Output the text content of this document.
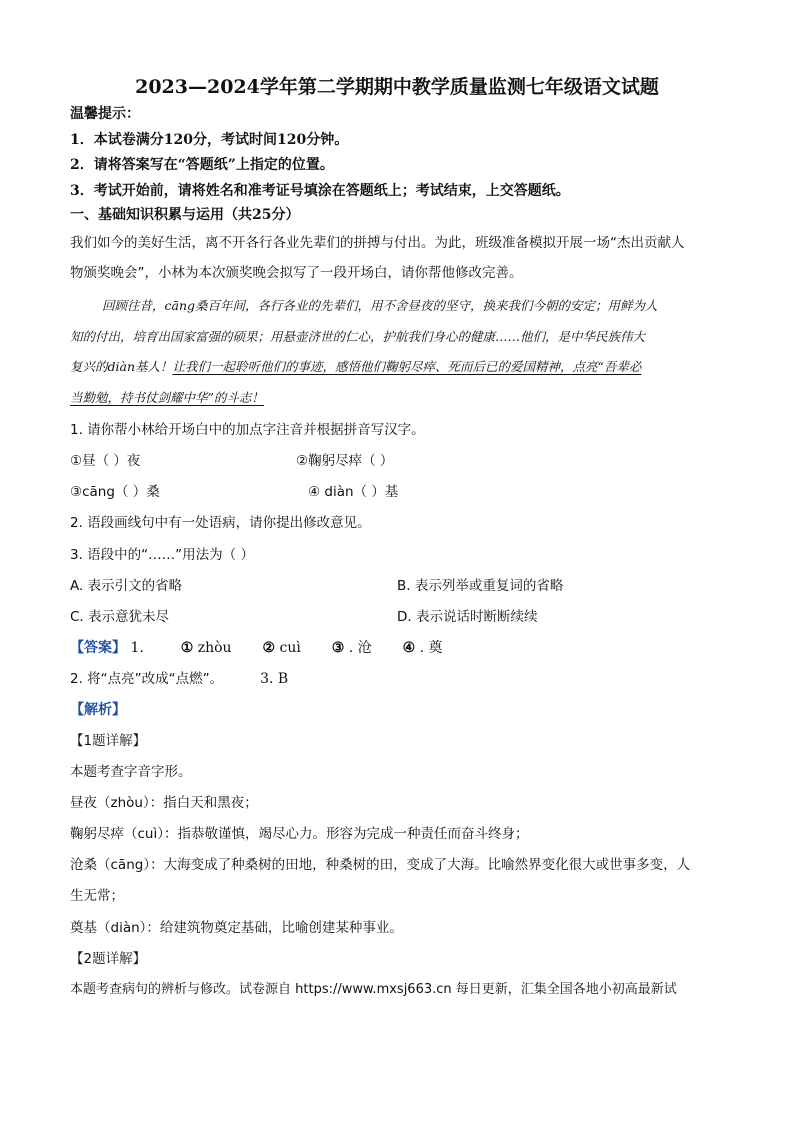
2023—2024学年第二学期期中教学质量监测七年级语文试题
温馨提示：
1．本试卷满分120分，考试时间120分钟。
2．请将答案写在“答题纸”上指定的位置。
3．考试开始前，请将姓名和准考证号填涂在答题纸上；考试结束，上交答题纸。
一、基础知识积累与运用（共25分）
我们如今的美好生活，离不开各行各业先辈们的拼搏与付出。为此，班级准备模拟开展一场“杰出贡献人
物颁奖晚会”，小林为本次颁奖晚会拟写了一段开场白，请你帮他修改完善。
回顾往昔，cāng桑百年间，各行各业的先辈们，用不舍昼夜的坚守，换来我们今朝的安定；用鲜为人
知的付出，培育出国家富强的硕果；用悬壶济世的仁心，护航我们身心的健康……他们，是中华民族伟大
复兴的diàn基人！让我们一起聆听他们的事迹，感悟他们鞠躬尽瘁、死而后已的爱国精神，点亮“吾辈必
当勤勉，持书仗剑耀中华”的斗志！
1. 请你帮小林给开场白中的加点字注音并根据拼音写汉字。
①昼（ ）夜	②鞠躬尽瘁（ ）
③cāng（ ）桑	④ diàn（ ）基
2. 语段画线句中有一处语病，请你提出修改意见。
3. 语段中的“……”用法为（ ）
A. 表示引文的省略	B. 表示列举或重复词的省略
C. 表示意犹未尽	D. 表示说话时断断续续
【答案】 1.	① zhòu ② cuì ③ . 沧 ④ . 奠
2. 将“点亮”改成“点燃”。	3. B
【解析】
【1题详解】
本题考查字音字形。
昼夜（zhòu）：指白天和黑夜；
鞠躬尽瘁（cuì）：指恭敬谨慎，竭尽心力。形容为完成一种责任而奋斗终身；
沧桑（cāng）：大海变成了种桑树的田地，种桑树的田，变成了大海。比喻然界变化很大或世事多变，人
生无常；
奠基（diàn）：给建筑物奠定基础，比喻创建某种事业。
【2题详解】
本题考查病句的辨析与修改。试卷源自 https://www.mxsj663.cn 每日更新，汇集全国各地小初高最新试
